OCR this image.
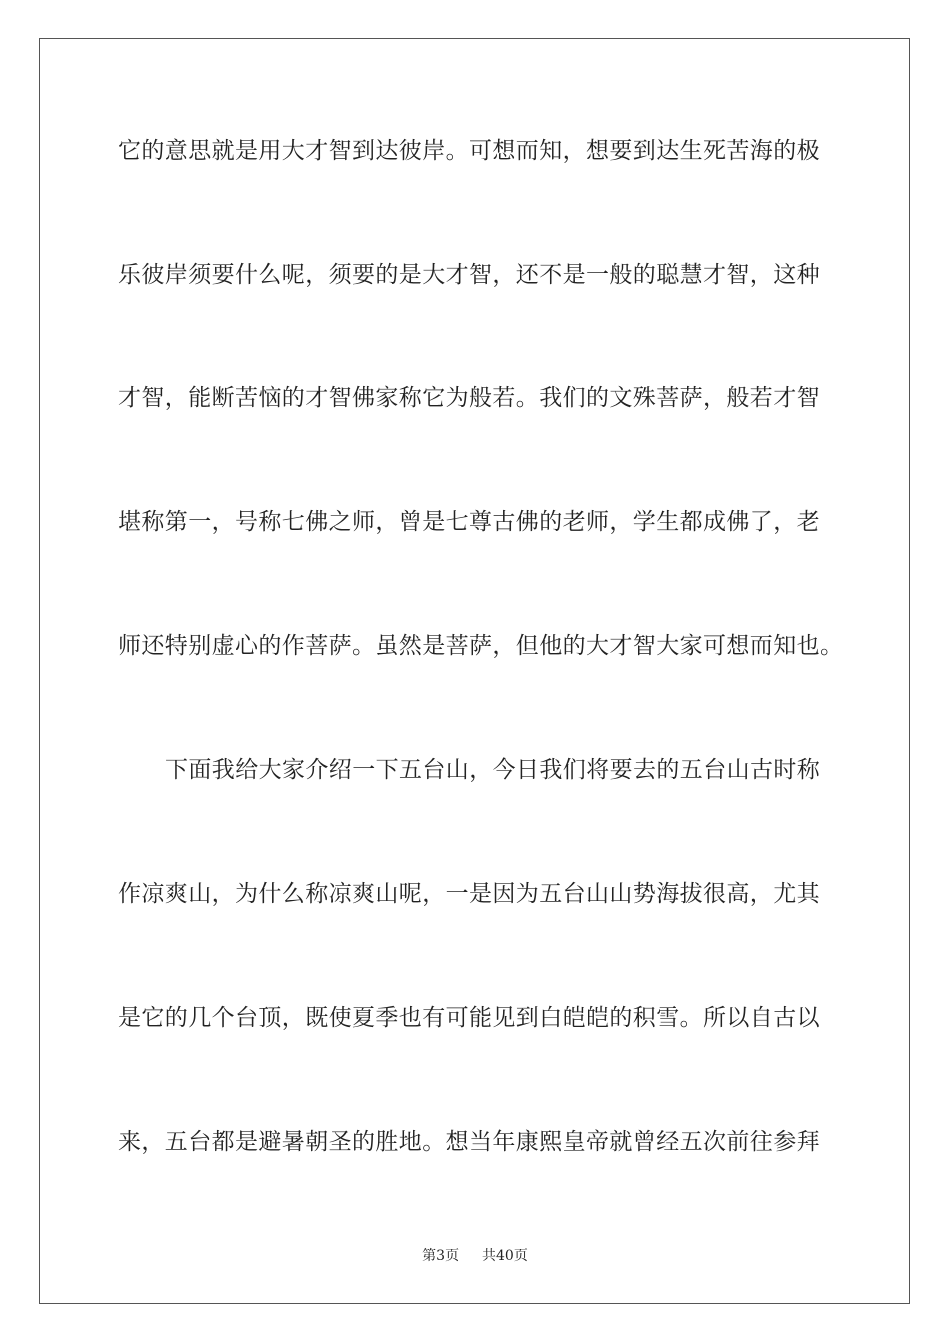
它的意思就是用大才智到达彼岸。可想而知，想要到达生死苦海的极
乐彼岸须要什么呢，须要的是大才智，还不是一般的聪慧才智，这种
才智，能断苦恼的才智佛家称它为般若。我们的文殊菩萨，般若才智
堪称第一，号称七佛之师，曾是七尊古佛的老师，学生都成佛了，老
师还特别虚心的作菩萨。虽然是菩萨，但他的大才智大家可想而知也。
下面我给大家介绍一下五台山，今日我们将要去的五台山古时称
作凉爽山，为什么称凉爽山呢，一是因为五台山山势海拔很高，尤其
是它的几个台顶，既使夏季也有可能见到白皑皑的积雪。所以自古以
来，五台都是避暑朝圣的胜地。想当年康熙皇帝就曾经五次前往参拜
第3页 共40页
